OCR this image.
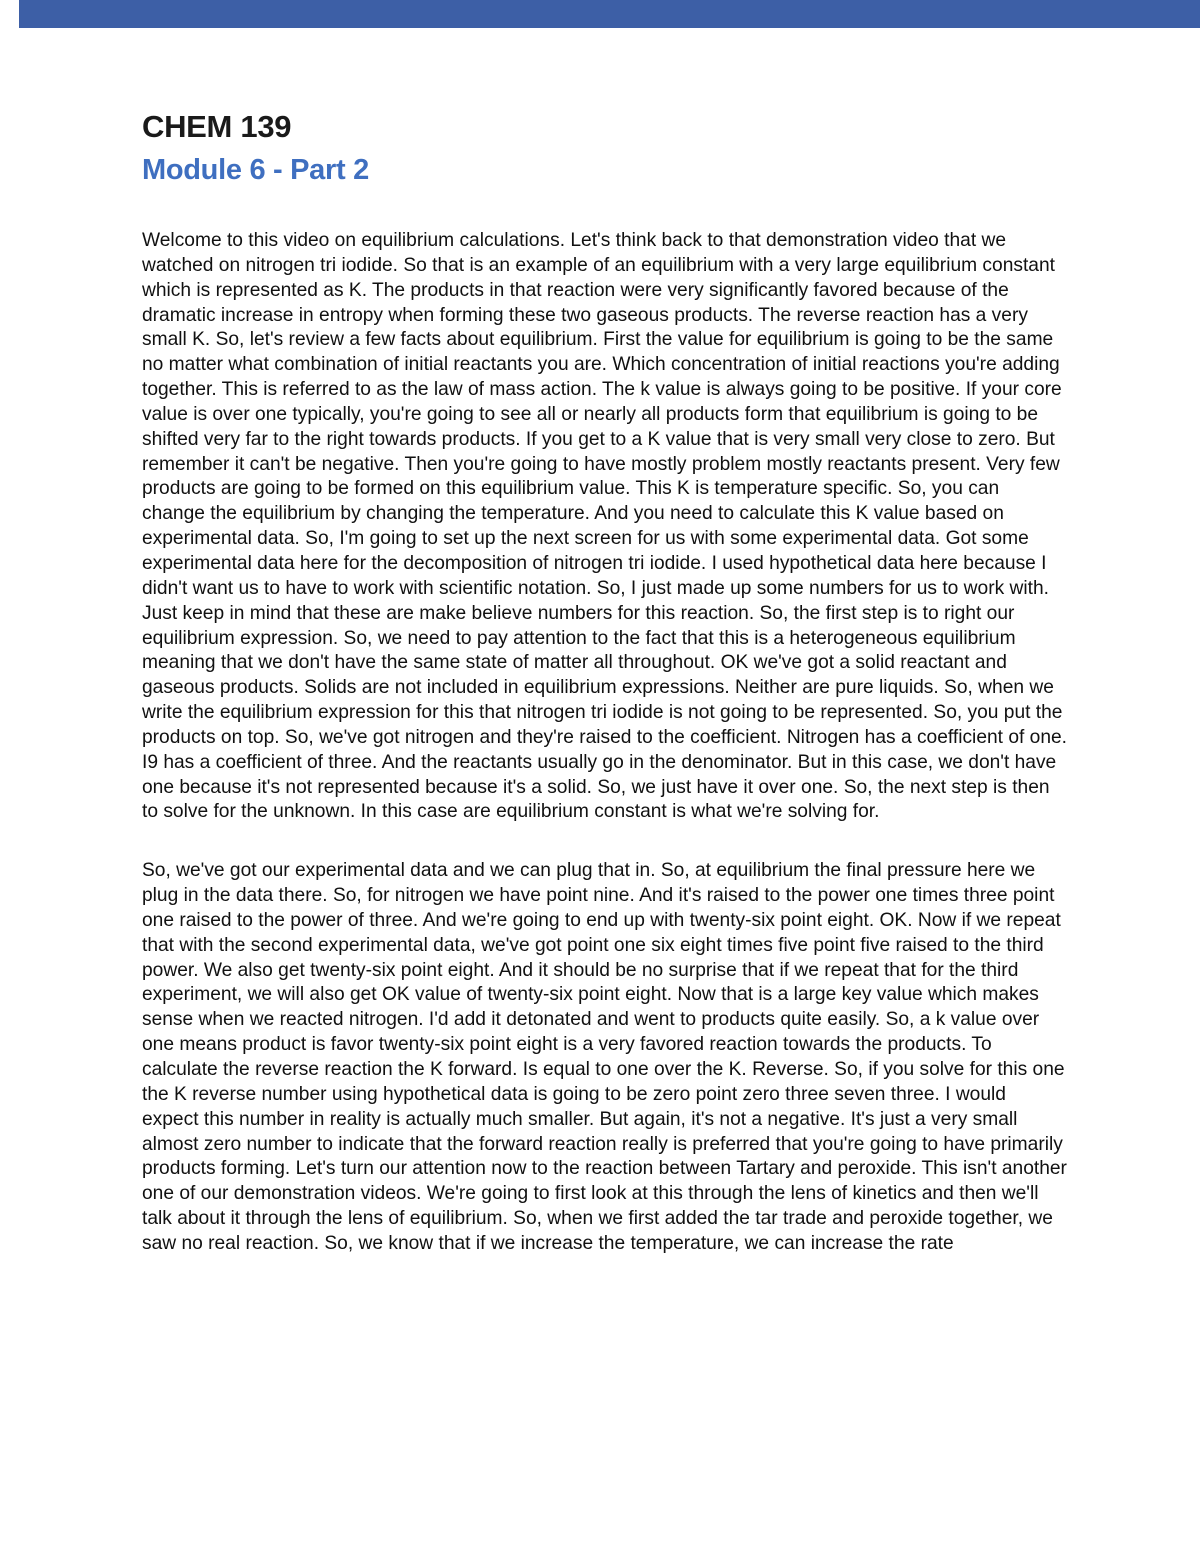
CHEM 139
Module 6 - Part 2

Welcome to this video on equilibrium calculations. Let's think back to that demonstration video that we watched on nitrogen tri iodide. So that is an example of an equilibrium with a very large equilibrium constant which is represented as K. The products in that reaction were very significantly favored because of the dramatic increase in entropy when forming these two gaseous products. The reverse reaction has a very small K. So, let's review a few facts about equilibrium. First the value for equilibrium is going to be the same no matter what combination of initial reactants you are. Which concentration of initial reactions you're adding together. This is referred to as the law of mass action. The k value is always going to be positive. If your core value is over one typically, you're going to see all or nearly all products form that equilibrium is going to be shifted very far to the right towards products. If you get to a K value that is very small very close to zero. But remember it can't be negative. Then you're going to have mostly problem mostly reactants present. Very few products are going to be formed on this equilibrium value. This K is temperature specific. So, you can change the equilibrium by changing the temperature. And you need to calculate this K value based on experimental data. So, I'm going to set up the next screen for us with some experimental data. Got some experimental data here for the decomposition of nitrogen tri iodide. I used hypothetical data here because I didn't want us to have to work with scientific notation. So, I just made up some numbers for us to work with. Just keep in mind that these are make believe numbers for this reaction. So, the first step is to right our equilibrium expression. So, we need to pay attention to the fact that this is a heterogeneous equilibrium meaning that we don't have the same state of matter all throughout. OK we've got a solid reactant and gaseous products. Solids are not included in equilibrium expressions. Neither are pure liquids. So, when we write the equilibrium expression for this that nitrogen tri iodide is not going to be represented. So, you put the products on top. So, we've got nitrogen and they're raised to the coefficient. Nitrogen has a coefficient of one. I9 has a coefficient of three. And the reactants usually go in the denominator. But in this case, we don't have one because it's not represented because it's a solid. So, we just have it over one. So, the next step is then to solve for the unknown. In this case are equilibrium constant is what we're solving for.

So, we've got our experimental data and we can plug that in. So, at equilibrium the final pressure here we plug in the data there. So, for nitrogen we have point nine. And it's raised to the power one times three point one raised to the power of three. And we're going to end up with twenty-six point eight. OK. Now if we repeat that with the second experimental data, we've got point one six eight times five point five raised to the third power. We also get twenty-six point eight. And it should be no surprise that if we repeat that for the third experiment, we will also get OK value of twenty-six point eight. Now that is a large key value which makes sense when we reacted nitrogen. I'd add it detonated and went to products quite easily. So, a k value over one means product is favor twenty-six point eight is a very favored reaction towards the products. To calculate the reverse reaction the K forward. Is equal to one over the K. Reverse. So, if you solve for this one the K reverse number using hypothetical data is going to be zero point zero three seven three. I would expect this number in reality is actually much smaller. But again, it's not a negative. It's just a very small almost zero number to indicate that the forward reaction really is preferred that you're going to have primarily products forming. Let's turn our attention now to the reaction between Tartary and peroxide. This isn't another one of our demonstration videos. We're going to first look at this through the lens of kinetics and then we'll talk about it through the lens of equilibrium. So, when we first added the tar trade and peroxide together, we saw no real reaction. So, we know that if we increase the temperature, we can increase the rate
